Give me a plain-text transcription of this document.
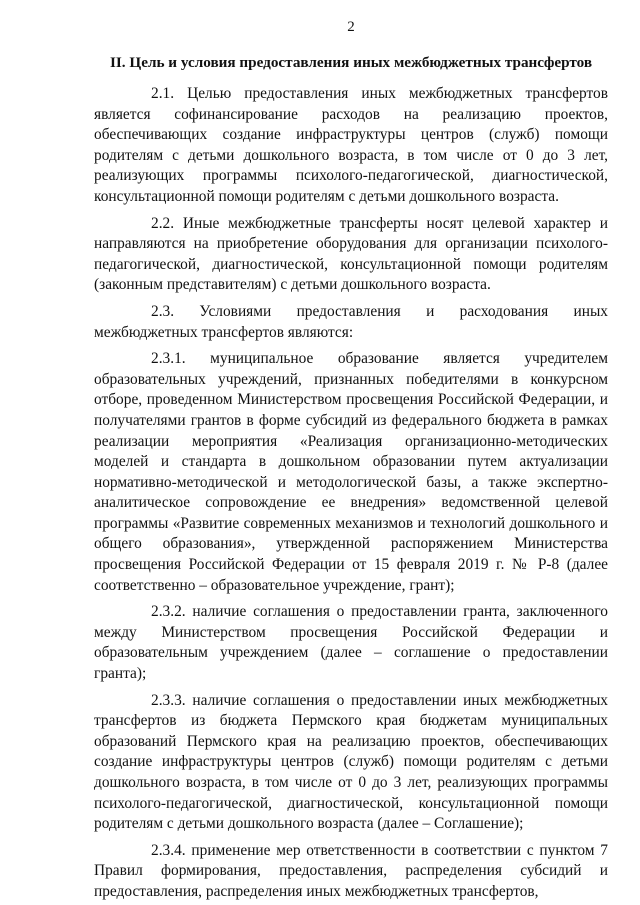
2
II. Цель и условия предоставления иных межбюджетных трансфертов

2.1. Целью предоставления иных межбюджетных трансфертов является софинансирование расходов на реализацию проектов, обеспечивающих создание инфраструктуры центров (служб) помощи родителям с детьми дошкольного возраста, в том числе от 0 до 3 лет, реализующих программы психолого-педагогической, диагностической, консультационной помощи родителям с детьми дошкольного возраста.

2.2. Иные межбюджетные трансферты носят целевой характер и направляются на приобретение оборудования для организации психолого-педагогической, диагностической, консультационной помощи родителям (законным представителям) с детьми дошкольного возраста.

2.3. Условиями предоставления и расходования иных межбюджетных трансфертов являются:

2.3.1. муниципальное образование является учредителем образовательных учреждений, признанных победителями в конкурсном отборе, проведенном Министерством просвещения Российской Федерации, и получателями грантов в форме субсидий из федерального бюджета в рамках реализации мероприятия «Реализация организационно-методических моделей и стандарта в дошкольном образовании путем актуализации нормативно-методической и методологической базы, а также экспертно-аналитическое сопровождение ее внедрения» ведомственной целевой программы «Развитие современных механизмов и технологий дошкольного и общего образования», утвержденной распоряжением Министерства просвещения Российской Федерации от 15 февраля 2019 г. № Р-8 (далее соответственно – образовательное учреждение, грант);

2.3.2. наличие соглашения о предоставлении гранта, заключенного между Министерством просвещения Российской Федерации и образовательным учреждением (далее – соглашение о предоставлении гранта);

2.3.3. наличие соглашения о предоставлении иных межбюджетных трансфертов из бюджета Пермского края бюджетам муниципальных образований Пермского края на реализацию проектов, обеспечивающих создание инфраструктуры центров (служб) помощи родителям с детьми дошкольного возраста, в том числе от 0 до 3 лет, реализующих программы психолого-педагогической, диагностической, консультационной помощи родителям с детьми дошкольного возраста (далее – Соглашение);

2.3.4. применение мер ответственности в соответствии с пунктом 7 Правил формирования, предоставления, распределения субсидий и предоставления, распределения иных межбюджетных трансфертов,
